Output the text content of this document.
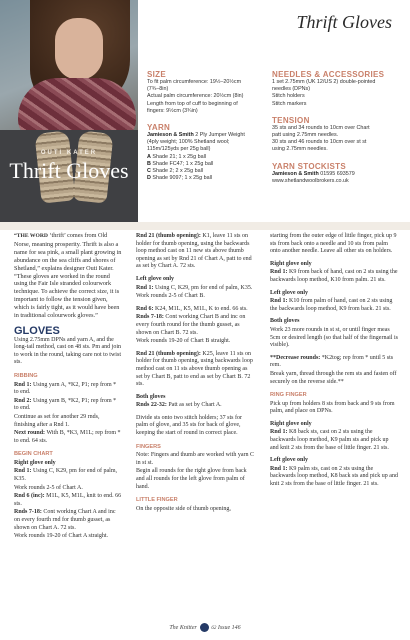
Thrift Gloves
OUTI KATER
Thrift Gloves
SIZE
To fit palm circumference: 19½–20½cm
(7¾–8in)
Actual palm circumference: 20½cm (8in)
Length from top of cuff to beginning of
fingers: 9½cm (3¾in)
YARN
Jamieson & Smith 2 Ply Jumper Weight
(4ply weight; 100% Shetland wool;
115m/125yds per 25g ball)
A Shade 21; 1 x 25g ball
B Shade FC47; 1 x 25g ball
C Shade 2; 2 x 25g ball
D Shade 9097; 1 x 25g ball
NEEDLES & ACCESSORIES
1 set 2.75mm (UK 12/US 2) double-pointed
needles (DPNs)
Stitch holders
Stitch markers
TENSION
35 sts and 34 rounds to 10cm over Chart
patt using 2.75mm needles.
30 sts and 46 rounds to 10cm over st st
using 2.75mm needles.
YARN STOCKISTS
Jamieson & Smith 01595 693579
www.shetlandwoolbrokers.co.uk
“THE WORD ‘thrift’ comes from Old Norse, meaning prosperity. Thrift is also a name for sea pink, a small plant growing in abundance on the sea cliffs and shores of Shetland,” explains designer Outi Kater. “These gloves are worked in the round using the Fair Isle stranded colourwork technique. To achieve the correct size, it is important to follow the tension given, which is fairly tight, as it would have been in traditional colourwork gloves.”
GLOVES
Using 2.75mm DPNs and yarn A, and the long-tail method, cast on 48 sts. Pm and join to work in the round, taking care not to twist sts.
RIBBING
Rnd 1: Using yarn A, *K2, P1; rep from * to end.
Rnd 2: Using yarn B, *K2, P1; rep from * to end.
Continue as set for another 29 rnds, finishing after a Rnd 1.
Next round: With B, *K3, M1L; rep from * to end. 64 sts.
BEGIN CHART
Right glove only
Rnd 1: Using C, K29, pm for end of palm, K35.
Work rounds 2-5 of Chart A.
Rnd 6 (inc): M1L, K5, M1L, knit to end. 66 sts.
Rnds 7-18: Cont working Chart A and inc on every fourth rnd for thumb gusset, as shown on Chart A. 72 sts.
Work rounds 19-20 of Chart A straight.
Rnd 21 (thumb opening): K1, leave 11 sts on holder for thumb opening, using the backwards loop method cast on 11 new sts above thumb opening as set by Rnd 21 of Chart A, patt to end as set by Chart A. 72 sts.
Left glove only
Rnd 1: Using C, K29, pm for end of palm, K35.
Work rounds 2-5 of Chart B.
Rnd 6: K24, M1L, K5, M1L, K to end. 66 sts.
Rnds 7-18: Cont working Chart B and inc on every fourth round for the thumb gusset, as shown on Chart B. 72 sts.
Work rounds 19-20 of Chart B straight.
Rnd 21 (thumb opening): K25, leave 11 sts on holder for thumb opening, using backwards loop method cast on 11 sts above thumb opening as set by Chart B, patt to end as set by Chart B. 72 sts.
Both gloves
Rnds 22-32: Patt as set by Chart A.
Divide sts onto two stitch holders; 37 sts for palm of glove, and 35 sts for back of glove, keeping the start of round in correct place.
FINGERS
Note: Fingers and thumb are worked with yarn C in st st.
Begin all rounds for the right glove from back and all rounds for the left glove from palm of hand.
LITTLE FINGER
On the opposite side of thumb opening,
starting from the outer edge of little finger, pick up 9 sts from back onto a needle and 10 sts from palm onto another needle. Leave all other sts on holders.
Right glove only
Rnd 1: K9 from back of hand, cast on 2 sts using the backwards loop method, K10 from palm. 21 sts.
Left glove only
Rnd 1: K10 from palm of hand, cast on 2 sts using the backwards loop method, K9 from back. 21 sts.
Both gloves
Work 23 more rounds in st st, or until finger meas 5cm or desired length (so that half of the fingernail is visible).
**Decrease rounds: *K2tog; rep from * until 5 sts rem.
Break yarn, thread through the rem sts and fasten off securely on the reverse side.**
RING FINGER
Pick up from holders 8 sts from back and 9 sts from palm, and place on DPNs.
Right glove only
Rnd 1: K8 back sts, cast on 2 sts using the backwards loop method, K9 palm sts and pick up and knit 2 sts from the base of little finger. 21 sts.
Left glove only
Rnd 1: K9 palm sts, cast on 2 sts using the backwards loop method, K8 back sts and pick up and knit 2 sts from the base of little finger. 21 sts.
The Knitter	62 Issue 146
